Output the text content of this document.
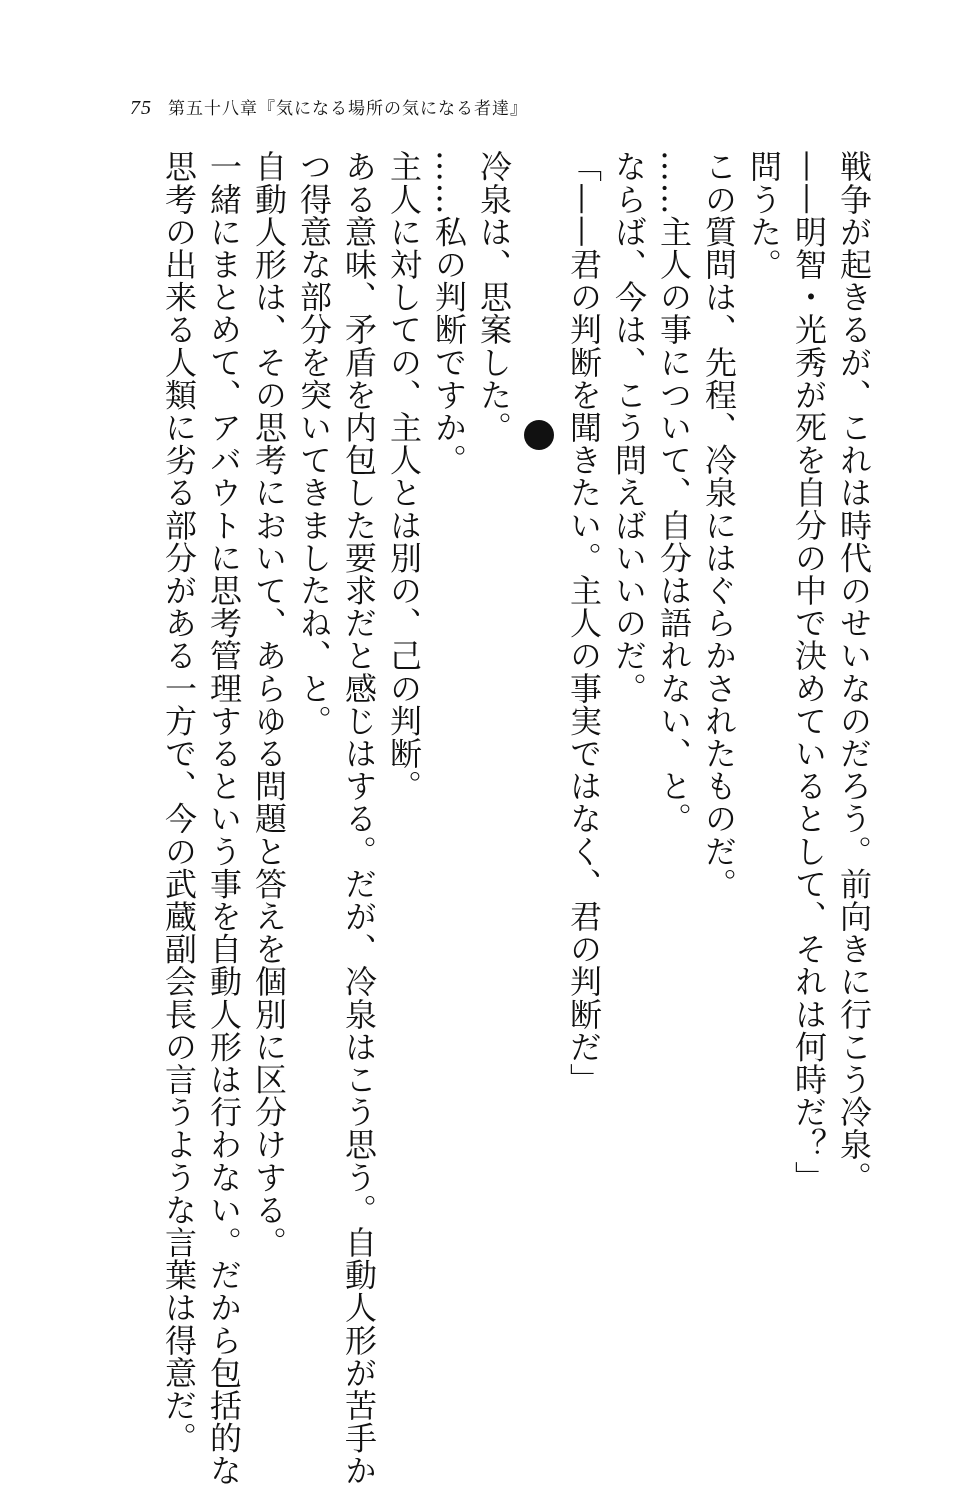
75 第五十八章『気になる場所の気になる者達』

戦争が起きるが、これは時代のせいなのだろう。前向きに行こう冷泉。

——明智・光秀が死を自分の中で決めているとして、それは何時だ？」

問うた。

この質問は、先程、冷泉にはぐらかされたものだ。

……主人の事について、自分は語れない、と。

ならば、今は、こう問えばいいのだ。

「——君の判断を聞きたい。主人の事実ではなく、君の判断だ」

冷泉は、思案した。

……私の判断ですか。

主人に対しての、主人とは別の、己の判断。

ある意味、矛盾を内包した要求だと感じはする。だが、冷泉はこう思う。自動人形が苦手か

つ得意な部分を突いてきましたね、と。

自動人形は、その思考において、あらゆる問題と答えを個別に区分けする。

一緒にまとめて、アバウトに思考管理するという事を自動人形は行わない。だから包括的な

思考の出来る人類に劣る部分がある一方で、今の武蔵副会長の言うような言葉は得意だ。
